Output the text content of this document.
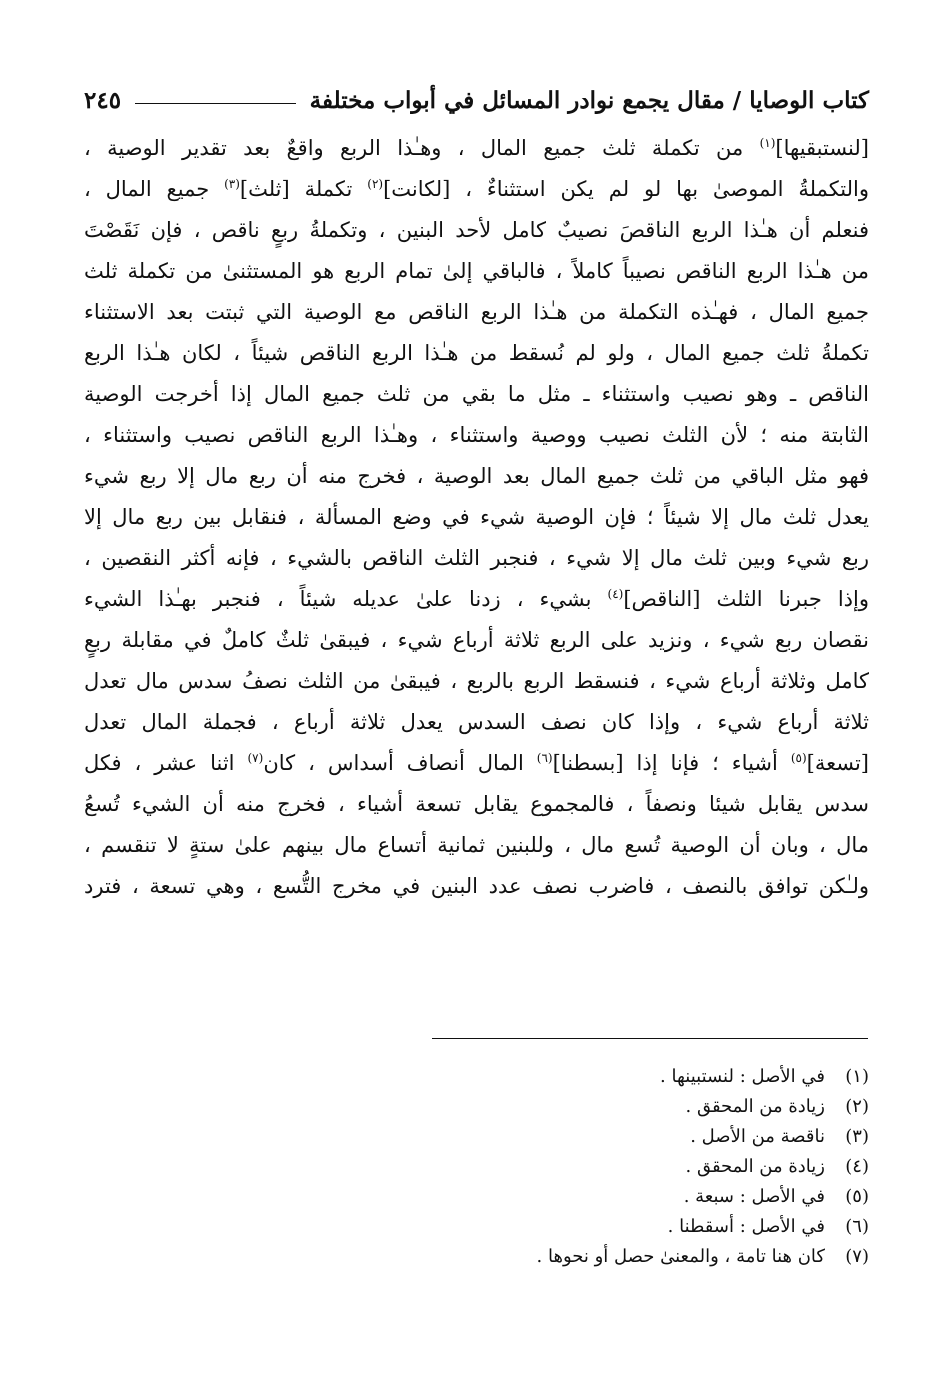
كتاب الوصايا / مقال يجمع نوادر المسائل في أبواب مختلفة
٢٤٥
[لنستبقيها]$^{(١)}$ من تكملة ثلث جميع المال ، وهـٰذا الربع واقعٌ بعد تقدير الوصية ،
والتكملةُ الموصىٰ بها لو لم يكن استثناءٌ ، [لكانت]$^{(٢)}$ تكملة [ثلث]$^{(٣)}$ جميع المال ،
فنعلم أن هـٰذا الربع الناقصَ نصيبٌ كامل لأحد البنين ، وتكملةُ ربعٍ ناقص ، فإن نَقَصْتَ
من هـٰذا الربع الناقص نصيباً كاملاً ، فالباقي إلىٰ تمام الربع هو المستثنىٰ من تكملة ثلث
جميع المال ، فهـٰذه التكملة من هـٰذا الربع الناقص مع الوصية التي ثبتت بعد الاستثناء
تكملةُ ثلث جميع المال ، ولو لم نُسقط من هـٰذا الربع الناقص شيئاً ، لكان هـٰذا الربع
الناقص ـ وهو نصيب واستثناء ـ مثل ما بقي من ثلث جميع المال إذا أخرجت الوصية
الثابتة منه ؛ لأن الثلث نصيب ووصية واستثناء ، وهـٰذا الربع الناقص نصيب واستثناء ،
فهو مثل الباقي من ثلث جميع المال بعد الوصية ، فخرج منه أن ربع مال إلا ربع شيء
يعدل ثلث مال إلا شيئاً ؛ فإن الوصية شيء في وضع المسألة ، فنقابل بين ربع مال إلا
ربع شيء وبين ثلث مال إلا شيء ، فنجبر الثلث الناقص بالشيء ، فإنه أكثر النقصين ،
وإذا جبرنا الثلث [الناقص]$^{(٤)}$ بشيء ، زدنا علىٰ عديله شيئاً ، فنجبر بهـٰذا الشيء
نقصان ربع شيء ، ونزيد على الربع ثلاثة أرباع شيء ، فيبقىٰ ثلثٌ كاملٌ في مقابلة ربعٍ
كامل وثلاثة أرباع شيء ، فنسقط الربع بالربع ، فيبقىٰ من الثلث نصفُ سدس مال تعدل
ثلاثة أرباع شيء ، وإذا كان نصف السدس يعدل ثلاثة أرباع ، فجملة المال تعدل
[تسعة]$^{(٥)}$ أشياء ؛ فإنا إذا [بسطنا]$^{(٦)}$ المال أنصاف أسداس ، كان$^{(٧)}$ اثنا عشر ، فكل
سدس يقابل شيئا ونصفاً ، فالمجموع يقابل تسعة أشياء ، فخرج منه أن الشيء تُسعُ
مال ، وبان أن الوصية تُسع مال ، وللبنين ثمانية أتساع مال بينهم علىٰ ستةٍ لا تنقسم ،
ولـٰكن توافق بالنصف ، فاضرب نصف عدد البنين في مخرج التُّسع ، وهي تسعة ، فترد
(١)
في الأصل : لنستبينها .
(٢)
زيادة من المحقق .
(٣)
ناقصة من الأصل .
(٤)
زيادة من المحقق .
(٥)
في الأصل : سبعة .
(٦)
في الأصل : أسقطنا .
(٧)
كان هنا تامة ، والمعنىٰ حصل أو نحوها .
